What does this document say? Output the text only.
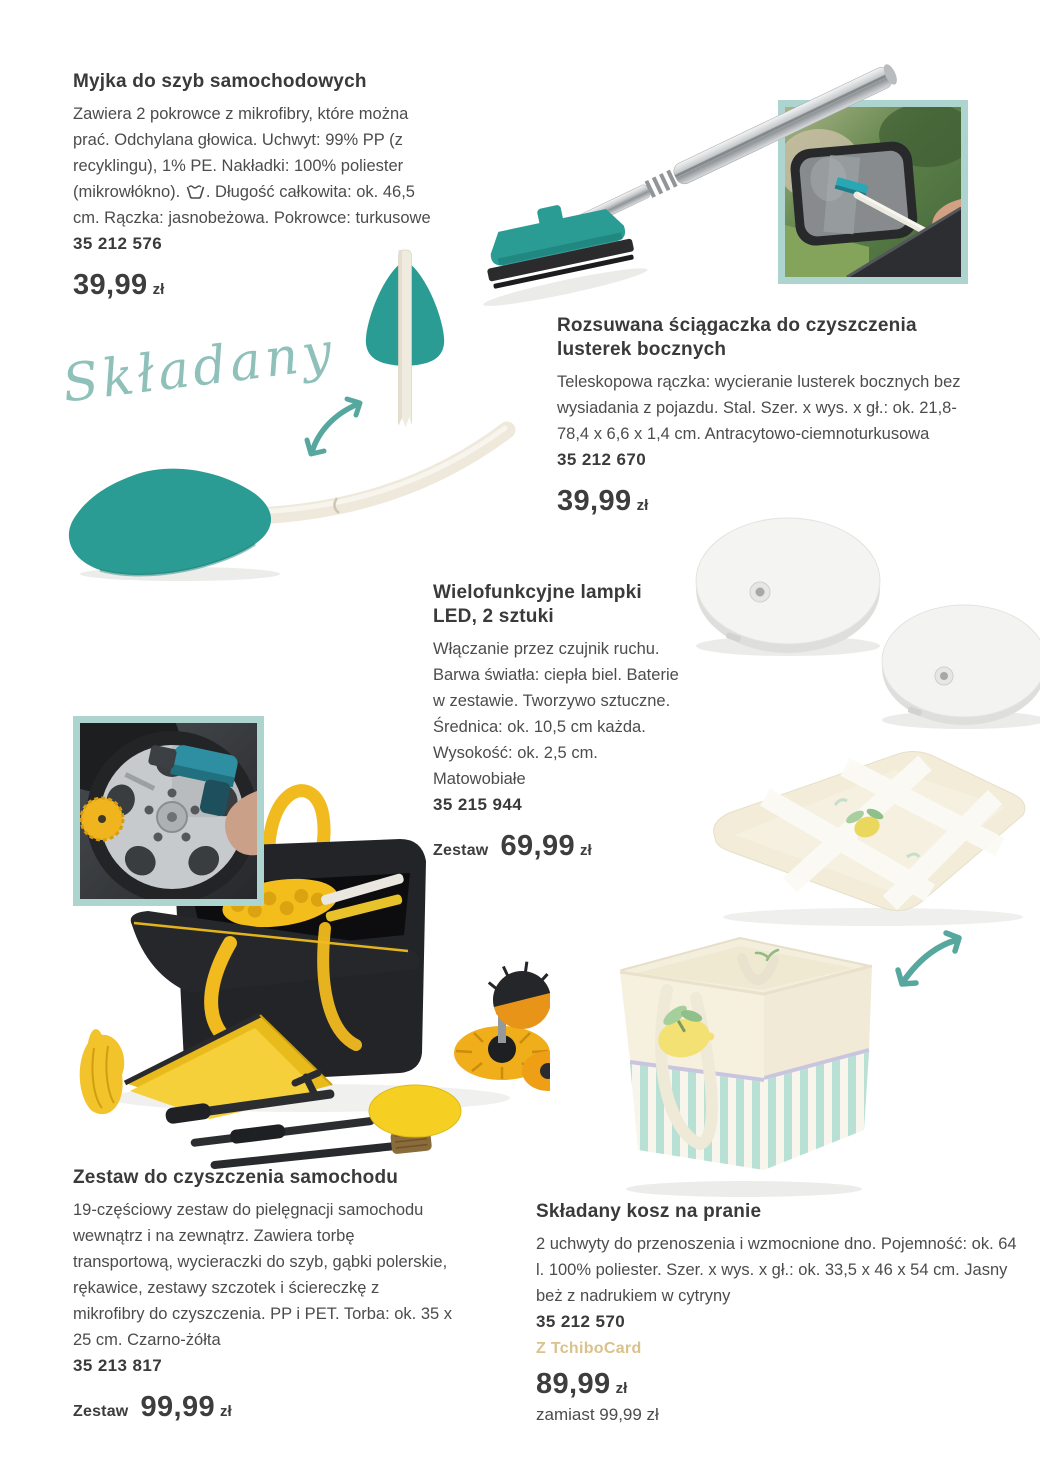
Składany
Myjka do szyb samochodowych

Zawiera 2 pokrowce z mikrofibry, które można prać. Odchylana głowica. Uchwyt: 99% PP (z recyklingu), 1% PE. Nakładki: 100% poliester (mikrowłókno). . Długość całkowita: ok. 46,5 cm. Rączka: jasnobeżowa. Pokrowce: turkusowe

35 212 576
39,99 zł
Rozsuwana ściągaczka do czyszczenia lusterek bocznych

Teleskopowa rączka: wycieranie lusterek bocznych bez wysiadania z pojazdu. Stal. Szer. x wys. x gł.: ok. 21,8-78,4 x 6,6 x 1,4 cm. Antracytowo-ciemnoturkusowa

35 212 670
39,99 zł
Wielofunkcyjne lampki LED, 2 sztuki

Włączanie przez czujnik ruchu. Barwa światła: ciepła biel. Baterie w zestawie. Tworzywo sztuczne. Średnica: ok. 10,5 cm każda. Wysokość: ok. 2,5 cm. Matowobiałe

35 215 944
Zestaw 69,99 zł
Zestaw do czyszczenia samochodu

19-częściowy zestaw do pielęgnacji samochodu wewnątrz i na zewnątrz. Zawiera torbę transportową, wycieraczki do szyb, gąbki polerskie, rękawice, zestawy szczotek i ściereczkę z mikrofibry do czyszczenia. PP i PET. Torba: ok. 35 x 25 cm. Czarno-żółta

35 213 817
Zestaw 99,99 zł
Składany kosz na pranie

2 uchwyty do przenoszenia i wzmocnione dno. Pojemność: ok. 64 l. 100% poliester. Szer. x wys. x gł.: ok. 33,5 x 46 x 54 cm. Jasny beż z nadrukiem w cytryny

35 212 570
Z TchiboCard
89,99 zł
zamiast 99,99 zł
